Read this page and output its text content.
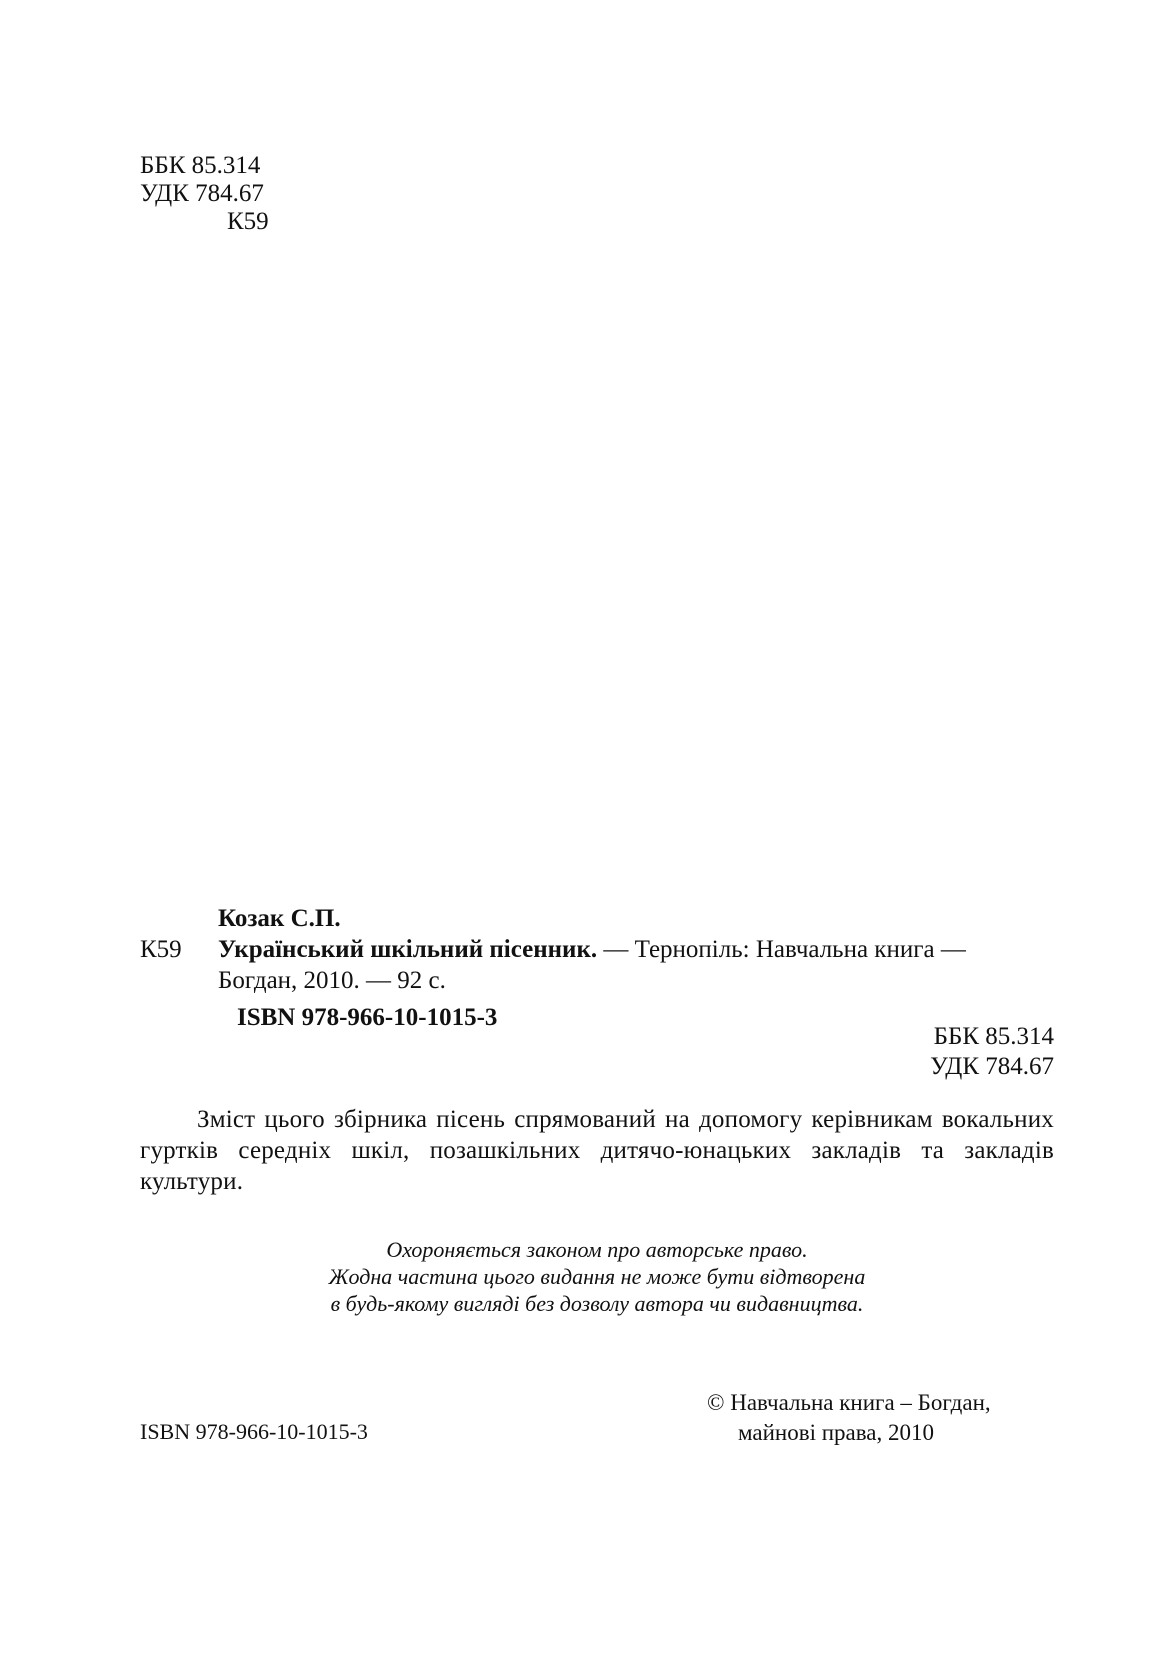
ББК 85.314
УДК 784.67
К59
Козак С.П.
К59 Український шкільний пісенник. — Тернопіль: Навчальна книга —
Богдан, 2010. — 92 с.
ISBN 978-966-10-1015-3
ББК 85.314
УДК 784.67
Зміст цього збірника пісень спрямований на допомогу керівникам вокальних гуртків середніх шкіл, позашкільних дитячо-юнацьких закладів та закладів культури.
Охороняється законом про авторське право.
Жодна частина цього видання не може бути відтворена
в будь-якому вигляді без дозволу автора чи видавництва.
ISBN 978-966-10-1015-3
© Навчальна книга – Богдан,
майнові права, 2010
